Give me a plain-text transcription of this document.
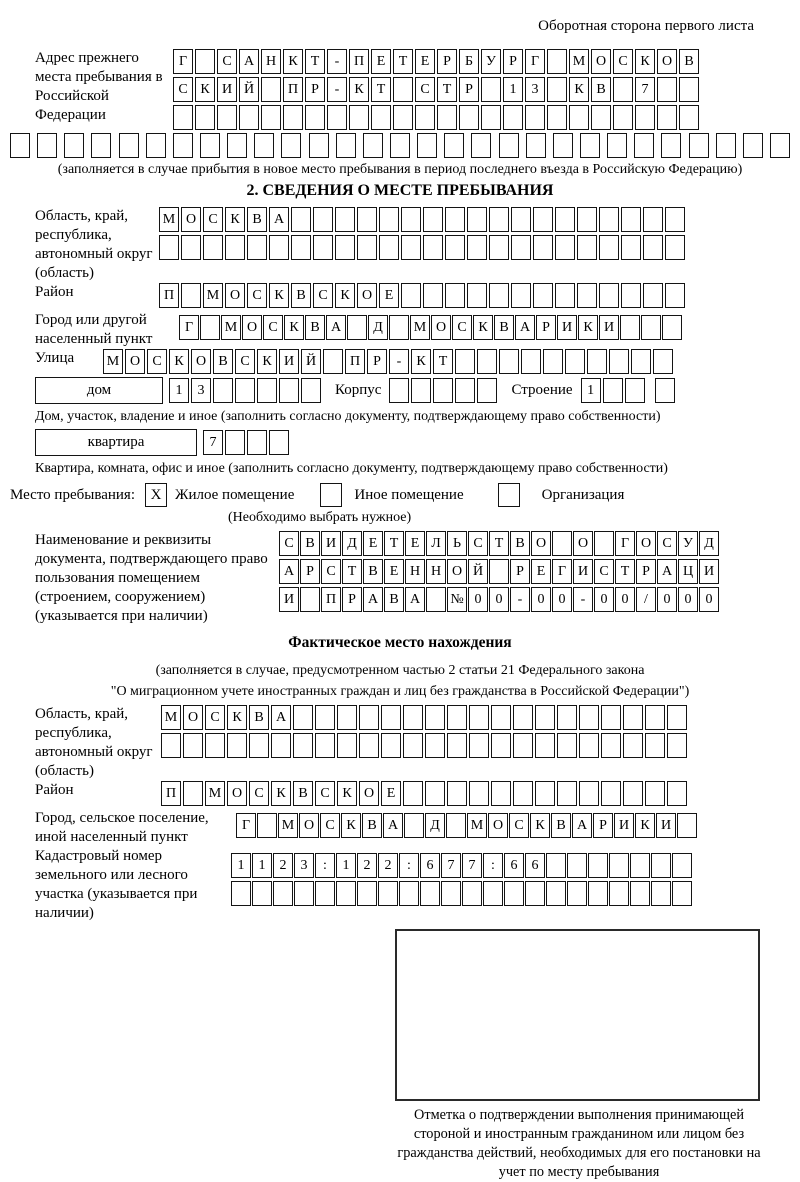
Оборотная сторона первого листа
Адрес прежнего места пребывания в Российской Федерации
Г	С А Н К Т	-	П Е Т Е Р	Б У Р	Г	М О С К О В
С К И Й	П Р	-	К Т	С Т Р	1	3	К В	7
(заполняется в случае прибытия в новое место пребывания в период последнего въезда в Российскую Федерацию)
2. СВЕДЕНИЯ О МЕСТЕ ПРЕБЫВАНИЯ
Область, край, республика, автономный округ (область)
М О С К В А
Район	П	М О С К В С К О Е
Город или другой населенный пункт
Г	М О С К В А	Д	М О С К В А Р И К И
Улица	М О С К О В С К И Й	П Р	-	К Т
дом	1	3	Корпус	Строение	1
Дом, участок, владение и иное (заполнить согласно документу, подтверждающему право собственности)
квартира	7
Квартира, комната, офис и иное (заполнить согласно документу, подтверждающему право собственности)
Место пребывания:	X Жилое помещение	Иное помещение	Организация
(Необходимо выбрать нужное)
Наименование и реквизиты документа, подтверждающего право пользования помещением (строением, сооружением) (указывается при наличии)
С В И Д Е Т Е Л Ь С Т В О	О	Г О С У Д
А Р С Т В Е Н Н О Й	Р Е Г И С Т Р А Ц И
И	П Р А В А	№ 0	0	-	0	0	-	0	0	/	0	0	0
Фактическое место нахождения
(заполняется в случае, предусмотренном частью 2 статьи 21 Федерального закона
"О миграционном учете иностранных граждан и лиц без гражданства в Российской Федерации")
Область, край, республика, автономный округ (область)
М О С К В А
Район	П	М О С К В С К О Е
Город, сельское поселение, иной населенный пункт
Г	М О С К В А	Д	М О С К В А Р И К И
Кадастровый номер земельного или лесного участка (указывается при наличии)
1	1	2	3	:	1	2	2	:	6	7	7	:	6	6
Отметка о подтверждении выполнения принимающей стороной и иностранным гражданином или лицом без гражданства действий, необходимых для его постановки на учет по месту пребывания
